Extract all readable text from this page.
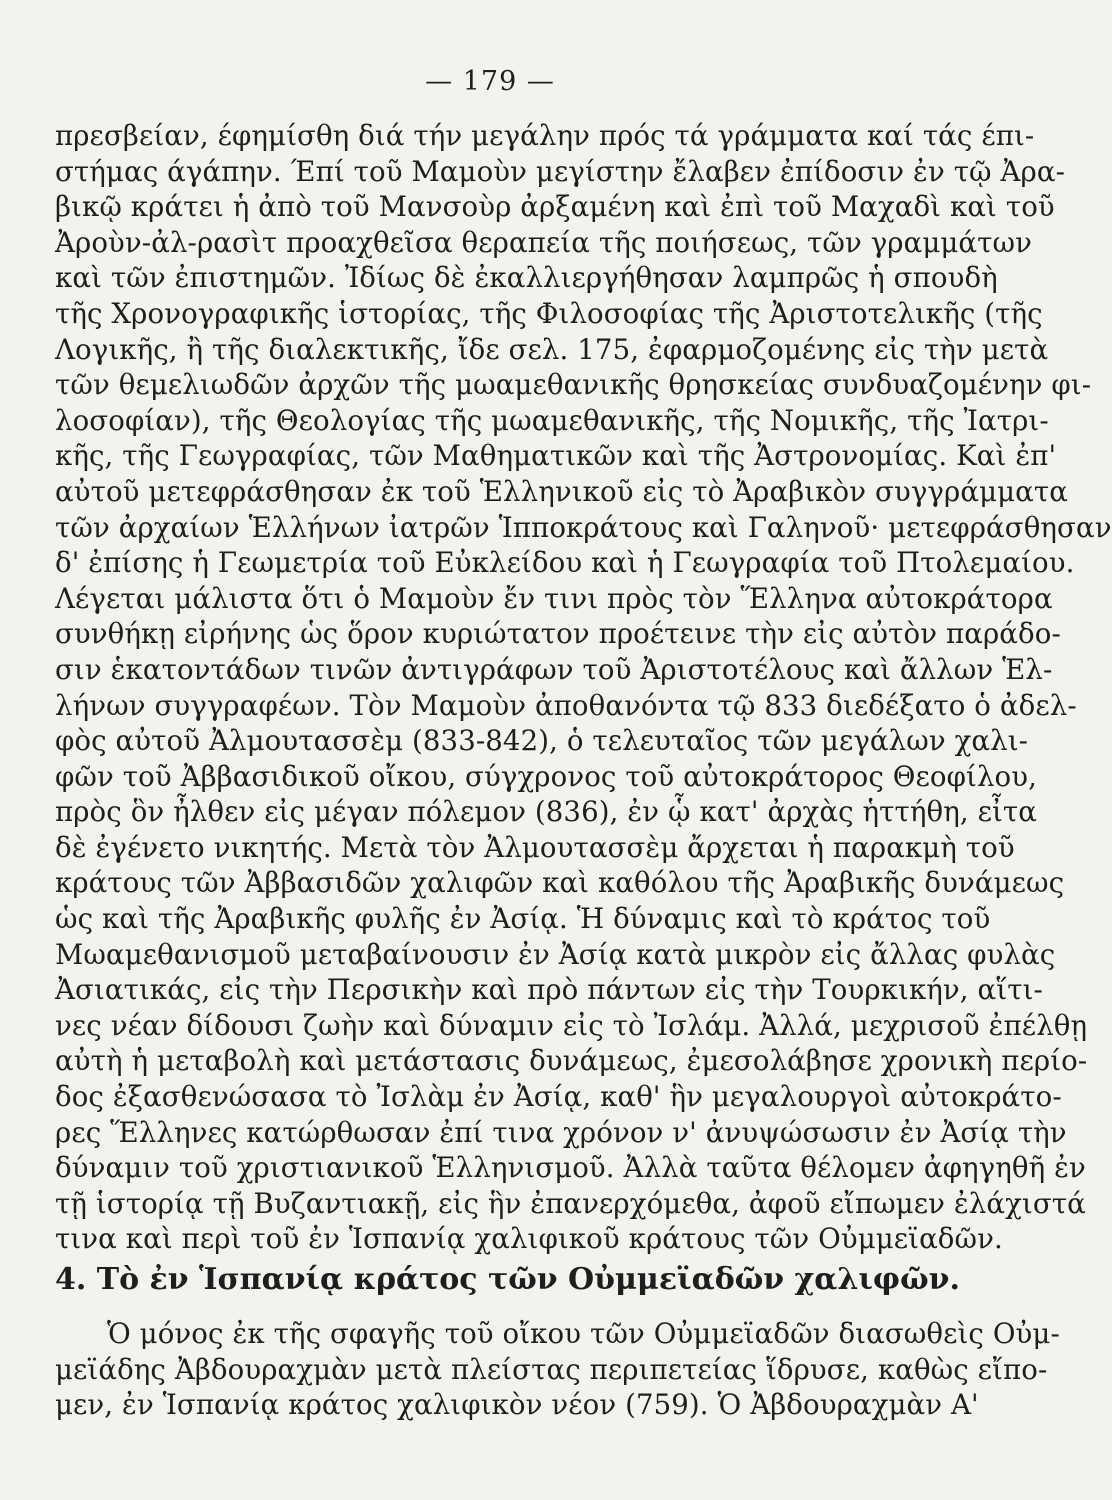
— 179 —
πρεσβείαν, έφημίσθη διά τήν μεγάλην πρός τά γράμματα καί τάς έπι-
στήμας άγάπην. Έπί τοῦ Μαμοὺν μεγίστην ἔλαβεν ἐπίδοσιν ἐν τῷ Ἀρα-
βικῷ κράτει ἡ ἀπὸ τοῦ Μανσοὺρ ἀρξαμένη καὶ ἐπὶ τοῦ Μαχαδὶ καὶ τοῦ
Ἀροὺν-ἀλ-ρασὶτ προαχθεῖσα θεραπεία τῆς ποιήσεως, τῶν γραμμάτων
καὶ τῶν ἐπιστημῶν. Ἰδίως δὲ ἐκαλλιεργήθησαν λαμπρῶς ἡ σπουδὴ
τῆς Χρονογραφικῆς ἱστορίας, τῆς Φιλοσοφίας τῆς Ἀριστοτελικῆς (τῆς
Λογικῆς, ἢ τῆς διαλεκτικῆς, ἴδε σελ. 175, ἐφαρμοζομένης εἰς τὴν μετὰ
τῶν θεμελιωδῶν ἀρχῶν τῆς μωαμεθανικῆς θρησκείας συνδυαζομένην φι-
λοσοφίαν), τῆς Θεολογίας τῆς μωαμεθανικῆς, τῆς Νομικῆς, τῆς Ἰατρι-
κῆς, τῆς Γεωγραφίας, τῶν Μαθηματικῶν καὶ τῆς Ἀστρονομίας. Καὶ ἐπ'
αὐτοῦ μετεφράσθησαν ἐκ τοῦ Ἑλληνικοῦ εἰς τὸ Ἀραβικὸν συγγράμματα
τῶν ἀρχαίων Ἑλλήνων ἰατρῶν Ἱπποκράτους καὶ Γαληνοῦ· μετεφράσθησαν
δ' ἐπίσης ἡ Γεωμετρία τοῦ Εὐκλείδου καὶ ἡ Γεωγραφία τοῦ Πτολεμαίου.
Λέγεται μάλιστα ὅτι ὁ Μαμοὺν ἔν τινι πρὸς τὸν Ἕλληνα αὐτοκράτορα
συνθήκῃ εἰρήνης ὡς ὅρον κυριώτατον προέτεινε τὴν εἰς αὐτὸν παράδο-
σιν ἑκατοντάδων τινῶν ἀντιγράφων τοῦ Ἀριστοτέλους καὶ ἄλλων Ἑλ-
λήνων συγγραφέων. Τὸν Μαμοὺν ἀποθανόντα τῷ 833 διεδέξατο ὁ ἀδελ-
φὸς αὐτοῦ Ἀλμουτασσὲμ (833-842), ὁ τελευταῖος τῶν μεγάλων χαλι-
φῶν τοῦ Ἀββασιδικοῦ οἴκου, σύγχρονος τοῦ αὐτοκράτορος Θεοφίλου,
πρὸς ὃν ἦλθεν εἰς μέγαν πόλεμον (836), ἐν ᾧ κατ' ἀρχὰς ἡττήθη, εἶτα
δὲ ἐγένετο νικητής. Μετὰ τὸν Ἀλμουτασσὲμ ἄρχεται ἡ παρακμὴ τοῦ
κράτους τῶν Ἀββασιδῶν χαλιφῶν καὶ καθόλου τῆς Ἀραβικῆς δυνάμεως
ὡς καὶ τῆς Ἀραβικῆς φυλῆς ἐν Ἀσίᾳ. Ἡ δύναμις καὶ τὸ κράτος τοῦ
Μωαμεθανισμοῦ μεταβαίνουσιν ἐν Ἀσίᾳ κατὰ μικρὸν εἰς ἄλλας φυλὰς
Ἀσιατικάς, εἰς τὴν Περσικὴν καὶ πρὸ πάντων εἰς τὴν Τουρκικήν, αἵτι-
νες νέαν δίδουσι ζωὴν καὶ δύναμιν εἰς τὸ Ἰσλάμ. Ἀλλά, μεχρισοῦ ἐπέλθῃ
αὐτὴ ἡ μεταβολὴ καὶ μετάστασις δυνάμεως, ἐμεσολάβησε χρονικὴ περίο-
δος ἐξασθενώσασα τὸ Ἰσλὰμ ἐν Ἀσίᾳ, καθ' ἣν μεγαλουργοὶ αὐτοκράτο-
ρες Ἕλληνες κατώρθωσαν ἐπί τινα χρόνον ν' ἀνυψώσωσιν ἐν Ἀσίᾳ τὴν
δύναμιν τοῦ χριστιανικοῦ Ἑλληνισμοῦ. Ἀλλὰ ταῦτα θέλομεν ἀφηγηθῆ ἐν
τῇ ἱστορίᾳ τῇ Βυζαντιακῇ, εἰς ἣν ἐπανερχόμεθα, ἀφοῦ εἴπωμεν ἐλάχιστά
τινα καὶ περὶ τοῦ ἐν Ἱσπανίᾳ χαλιφικοῦ κράτους τῶν Οὐμμεϊαδῶν.
4. Τὸ ἐν Ἱσπανίᾳ κράτος τῶν Οὐμμεϊαδῶν χαλιφῶν.
Ὁ μόνος ἐκ τῆς σφαγῆς τοῦ οἴκου τῶν Οὐμμεϊαδῶν διασωθεὶς Οὐμ-
μεϊάδης Ἀβδουραχμὰν μετὰ πλείστας περιπετείας ἵδρυσε, καθὼς εἴπο-
μεν, ἐν Ἱσπανίᾳ κράτος χαλιφικὸν νέον (759). Ὁ Ἀβδουραχμὰν Α'
